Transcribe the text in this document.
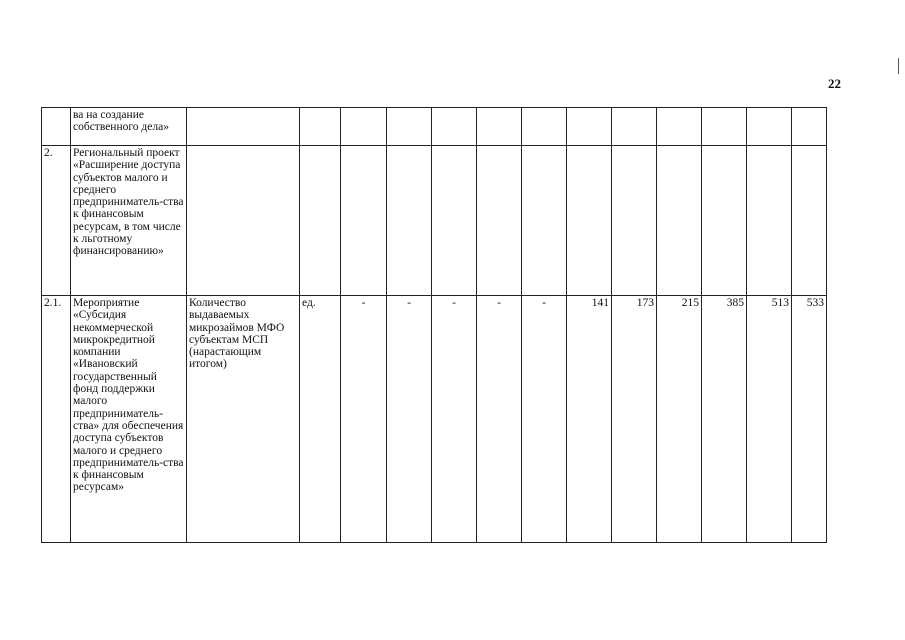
22
	ва на создание собственного дела»													
2.	Региональный проект «Расширение доступа субъектов малого и среднего предприниматель-ства к финансовым ресурсам, в том числе к льготному финансированию»													
2.1.	Мероприятие «Субсидия некоммерческой микрокредитной компании «Ивановский государственный фонд поддержки малого предприниматель-ства» для обеспечения доступа субъектов малого и среднего предприниматель-ства к финансовым ресурсам»	Количество выдаваемых микрозаймов МФО субъектам МСП (нарастающим итогом)	ед.	-	-	-	-	-	141	173	215	385	513	533
